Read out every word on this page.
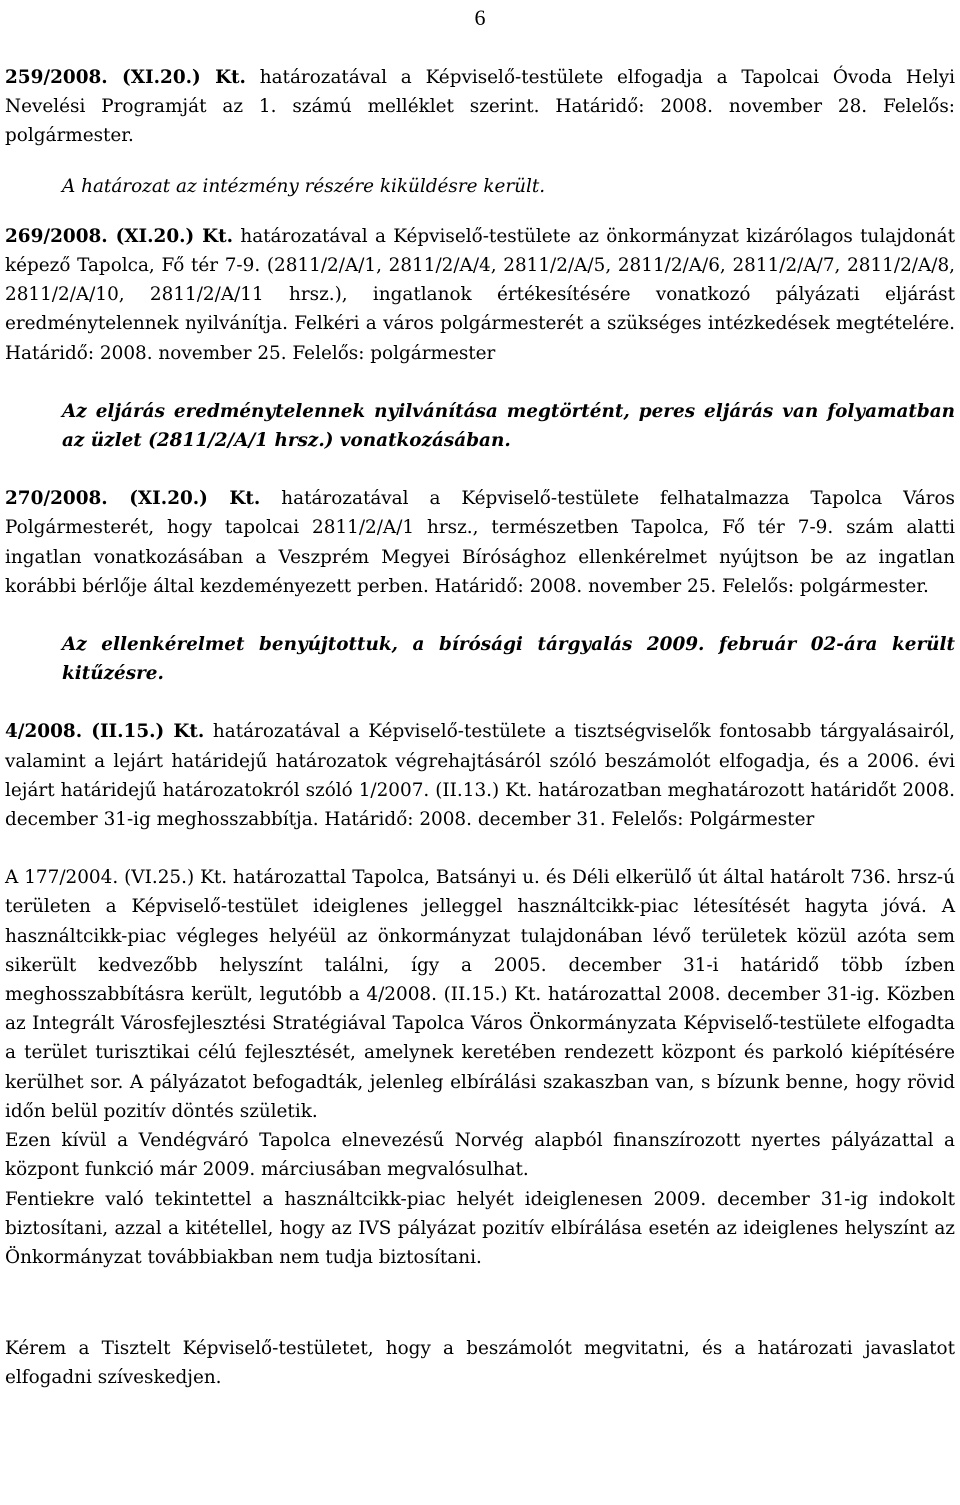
6

259/2008. (XI.20.) Kt. határozatával a Képviselő-testülete elfogadja a Tapolcai Óvoda Helyi Nevelési Programját az 1. számú melléklet szerint. Határidő: 2008. november 28. Felelős: polgármester.

A határozat az intézmény részére kiküldésre került.

269/2008. (XI.20.) Kt. határozatával a Képviselő-testülete az önkormányzat kizárólagos tulajdonát képező Tapolca, Fő tér 7-9. (2811/2/A/1, 2811/2/A/4, 2811/2/A/5, 2811/2/A/6, 2811/2/A/7, 2811/2/A/8, 2811/2/A/10, 2811/2/A/11 hrsz.), ingatlanok értékesítésére vonatkozó pályázati eljárást eredménytelennek nyilvánítja. Felkéri a város polgármesterét a szükséges intézkedések megtételére. Határidő: 2008. november 25. Felelős: polgármester

Az eljárás eredménytelennek nyilvánítása megtörtént, peres eljárás van folyamatban az üzlet (2811/2/A/1 hrsz.) vonatkozásában.

270/2008. (XI.20.) Kt. határozatával a Képviselő-testülete felhatalmazza Tapolca Város Polgármesterét, hogy tapolcai 2811/2/A/1 hrsz., természetben Tapolca, Fő tér 7-9. szám alatti ingatlan vonatkozásában a Veszprém Megyei Bírósághoz ellenkérelmet nyújtson be az ingatlan korábbi bérlője által kezdeményezett perben. Határidő: 2008. november 25. Felelős: polgármester.

Az ellenkérelmet benyújtottuk, a bírósági tárgyalás 2009. február 02-ára került kitűzésre.

4/2008. (II.15.) Kt. határozatával a Képviselő-testülete a tisztségviselők fontosabb tárgyalásairól, valamint a lejárt határidejű határozatok végrehajtásáról szóló beszámolót elfogadja, és a 2006. évi lejárt határidejű határozatokról szóló 1/2007. (II.13.) Kt. határozatban meghatározott határidőt 2008. december 31-ig meghosszabbítja. Határidő: 2008. december 31. Felelős: Polgármester

A 177/2004. (VI.25.) Kt. határozattal Tapolca, Batsányi u. és Déli elkerülő út által határolt 736. hrsz-ú területen a Képviselő-testület ideiglenes jelleggel használtcikk-piac létesítését hagyta jóvá. A használtcikk-piac végleges helyéül az önkormányzat tulajdonában lévő területek közül azóta sem sikerült kedvezőbb helyszínt találni, így a 2005. december 31-i határidő több ízben meghosszabbításra került, legutóbb a 4/2008. (II.15.) Kt. határozattal 2008. december 31-ig. Közben az Integrált Városfejlesztési Stratégiával Tapolca Város Önkormányzata Képviselő-testülete elfogadta a terület turisztikai célú fejlesztését, amelynek keretében rendezett központ és parkoló kiépítésére kerülhet sor. A pályázatot befogadták, jelenleg elbírálási szakaszban van, s bízunk benne, hogy rövid időn belül pozitív döntés születik.

Ezen kívül a Vendégváró Tapolca elnevezésű Norvég alapból finanszírozott nyertes pályázattal a központ funkció már 2009. márciusában megvalósulhat.

Fentiekre való tekintettel a használtcikk-piac helyét ideiglenesen 2009. december 31-ig indokolt biztosítani, azzal a kitétellel, hogy az IVS pályázat pozitív elbírálása esetén az ideiglenes helyszínt az Önkormányzat továbbiakban nem tudja biztosítani.

Kérem a Tisztelt Képviselő-testületet, hogy a beszámolót megvitatni, és a határozati javaslatot elfogadni szíveskedjen.
